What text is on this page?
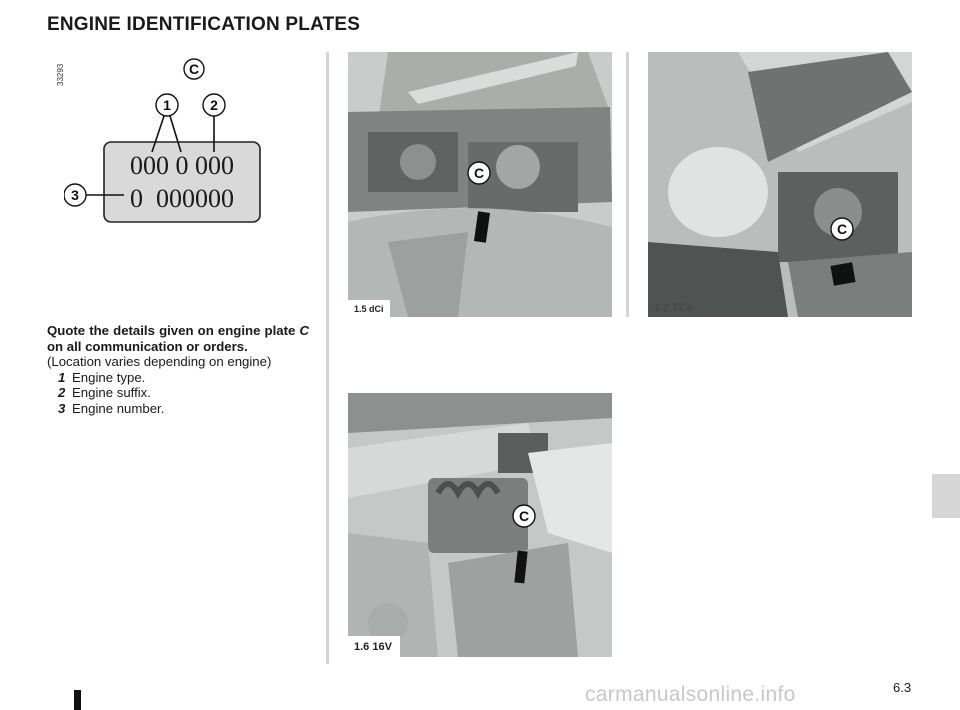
ENGINE IDENTIFICATION PLATES
33293	C
1	2
000 0 000
0  000000
3

Quote the details given on engine plate C on all communication or orders.

(Location varies depending on engine)

1 Engine type.
2 Engine suffix.
3 Engine number.
C
1.5 dCi
C
1.2 TCe
C
1.6 16V
6.3
carmanualsonline.info
